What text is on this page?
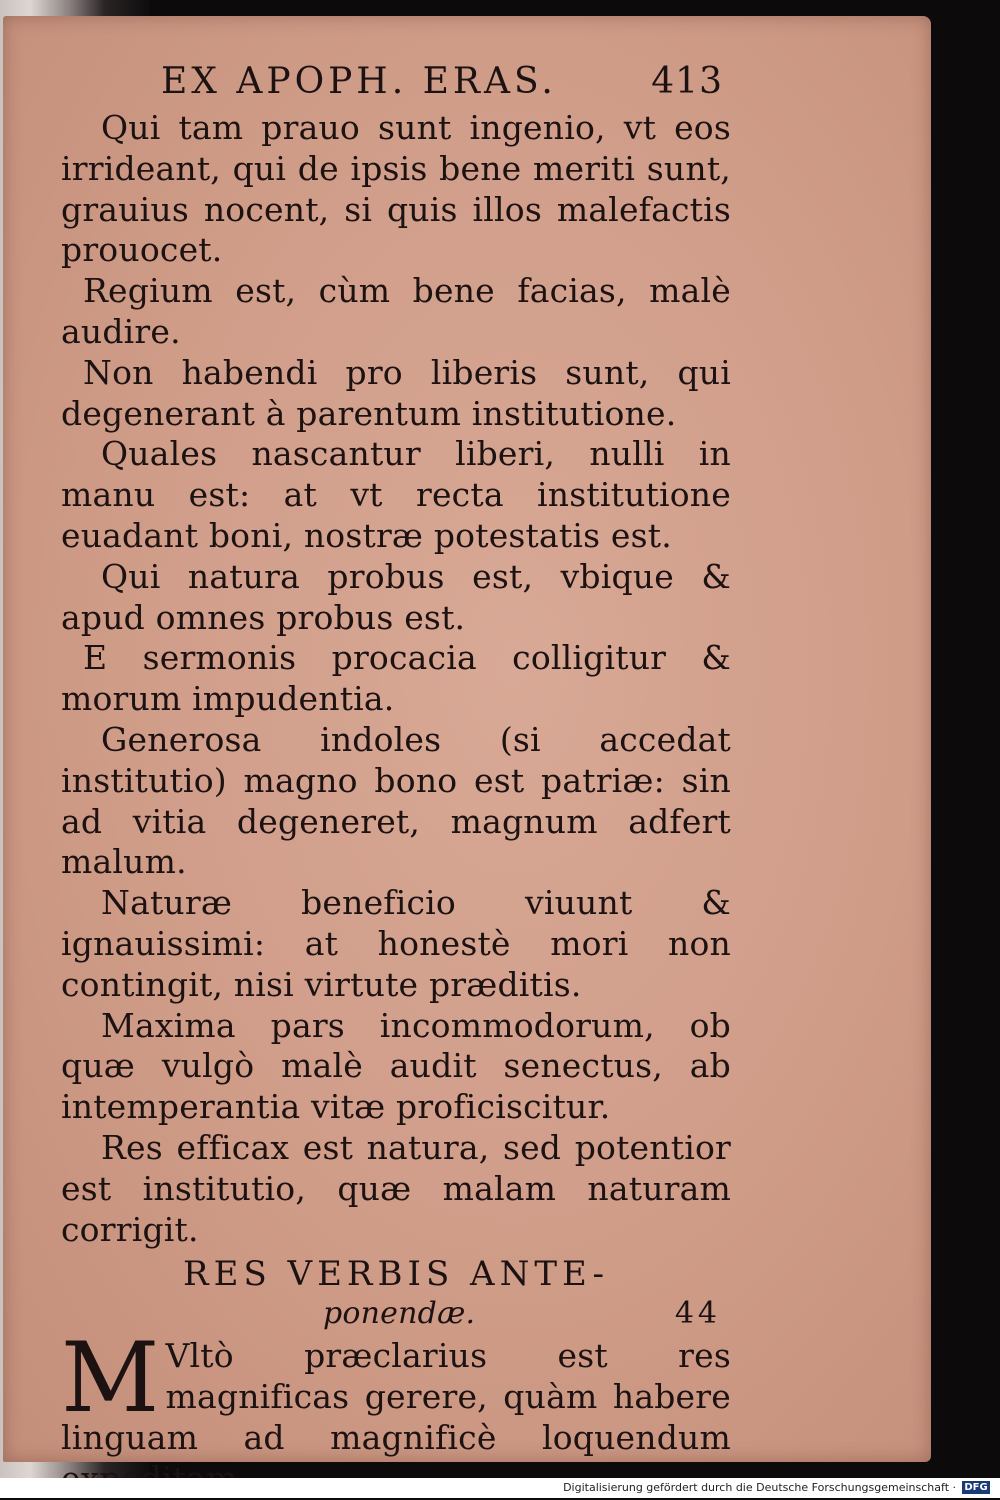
EX APOPH. ERAS.	413

Qui tam prauo sunt ingenio, vt eos irrideant, qui de ipsis bene meriti sunt, grauius nocent, si quis illos malefactis prouocet.

Regium est, cùm bene facias, malè audire.

Non habendi pro liberis sunt, qui degenerant à parentum institutione.

Quales nascantur liberi, nulli in manu est: at vt recta institutione euadant boni, nostræ potestatis est.

Qui natura probus est, vbique & apud omnes probus est.

E sermonis procacia colligitur & morum impudentia.

Generosa indoles (si accedat institutio) magno bono est patriæ: sin ad vitia degeneret, magnum adfert malum.

Naturæ beneficio viuunt & ignauissimi: at honestè mori non contingit, nisi virtute præditis.

Maxima pars incommodorum, ob quæ vulgò malè audit senectus, ab intemperantia vitæ proficiscitur.

Res efficax est natura, sed potentior est institutio, quæ malam naturam corrigit.

RES VERBIS ANTE-
ponendæ.	44

M Vltò præclarius est res magnificas gerere, quàm habere linguam ad magnificè loquendum

Digitalisierung gefördert durch die Deutsche Forschungsgemeinschaft · DFG
